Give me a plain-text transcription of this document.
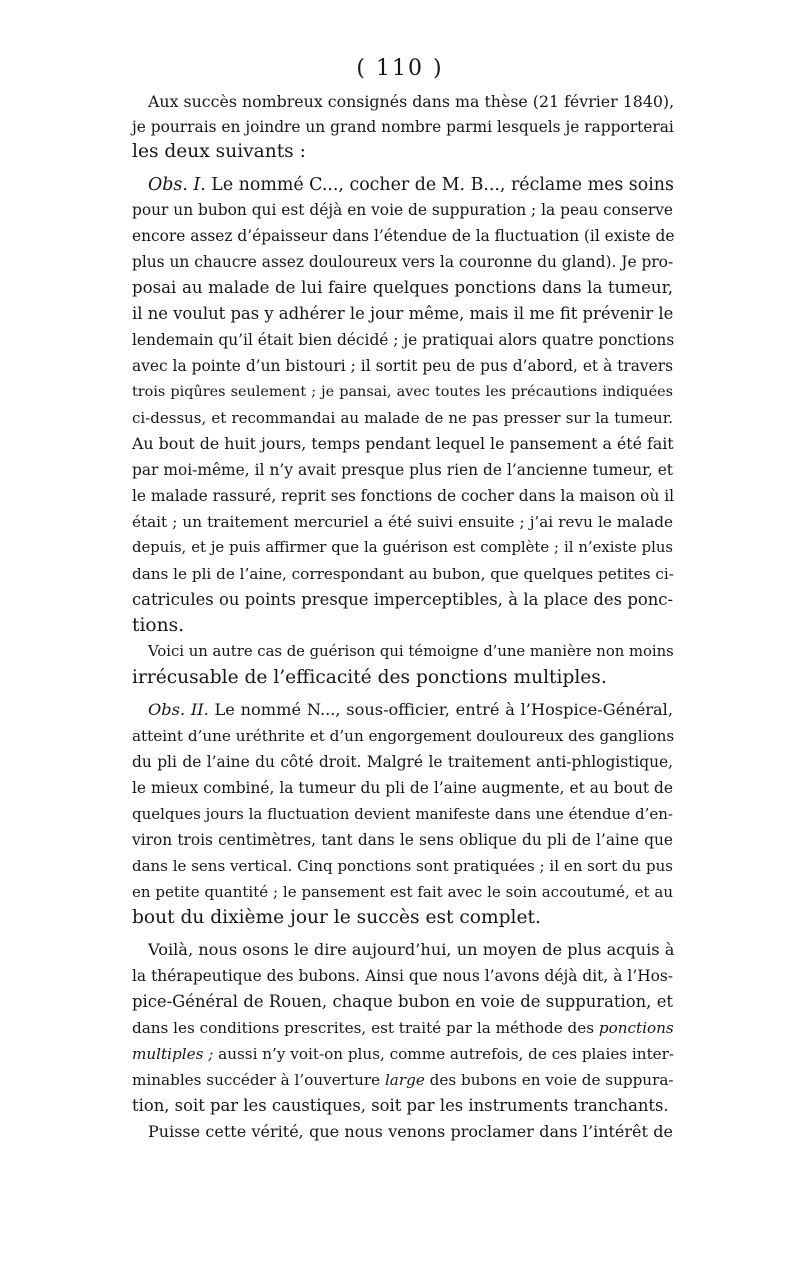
( 110 )
Aux succès nombreux consignés dans ma thèse (21 février 1840),
je pourrais en joindre un grand nombre parmi lesquels je rapporterai
les deux suivants :
Obs. I. Le nommé C..., cocher de M. B..., réclame mes soins
pour un bubon qui est déjà en voie de suppuration ; la peau conserve
encore assez d’épaisseur dans l’étendue de la fluctuation (il existe de
plus un chaucre assez douloureux vers la couronne du gland). Je pro-
posai au malade de lui faire quelques ponctions dans la tumeur,
il ne voulut pas y adhérer le jour même, mais il me fit prévenir le
lendemain qu’il était bien décidé ; je pratiquai alors quatre ponctions
avec la pointe d’un bistouri ; il sortit peu de pus d’abord, et à travers
trois piqûres seulement ; je pansai, avec toutes les précautions indiquées
ci-dessus, et recommandai au malade de ne pas presser sur la tumeur.
Au bout de huit jours, temps pendant lequel le pansement a été fait
par moi-même, il n’y avait presque plus rien de l’ancienne tumeur, et
le malade rassuré, reprit ses fonctions de cocher dans la maison où il
était ; un traitement mercuriel a été suivi ensuite ; j’ai revu le malade
depuis, et je puis affirmer que la guérison est complète ; il n’existe plus
dans le pli de l’aine, correspondant au bubon, que quelques petites ci-
catricules ou points presque imperceptibles, à la place des ponc-
tions.
Voici un autre cas de guérison qui témoigne d’une manière non moins
irrécusable de l’efficacité des ponctions multiples.
Obs. II. Le nommé N..., sous-officier, entré à l’Hospice-Général,
atteint d’une uréthrite et d’un engorgement douloureux des ganglions
du pli de l’aine du côté droit. Malgré le traitement anti-phlogistique,
le mieux combiné, la tumeur du pli de l’aine augmente, et au bout de
quelques jours la fluctuation devient manifeste dans une étendue d’en-
viron trois centimètres, tant dans le sens oblique du pli de l’aine que
dans le sens vertical. Cinq ponctions sont pratiquées ; il en sort du pus
en petite quantité ; le pansement est fait avec le soin accoutumé, et au
bout du dixième jour le succès est complet.
Voilà, nous osons le dire aujourd’hui, un moyen de plus acquis à
la thérapeutique des bubons. Ainsi que nous l’avons déjà dit, à l’Hos-
pice-Général de Rouen, chaque bubon en voie de suppuration, et
dans les conditions prescrites, est traité par la méthode des ponctions
multiples ; aussi n’y voit-on plus, comme autrefois, de ces plaies inter-
minables succéder à l’ouverture large des bubons en voie de suppura-
tion, soit par les caustiques, soit par les instruments tranchants.
Puisse cette vérité, que nous venons proclamer dans l’intérêt de
